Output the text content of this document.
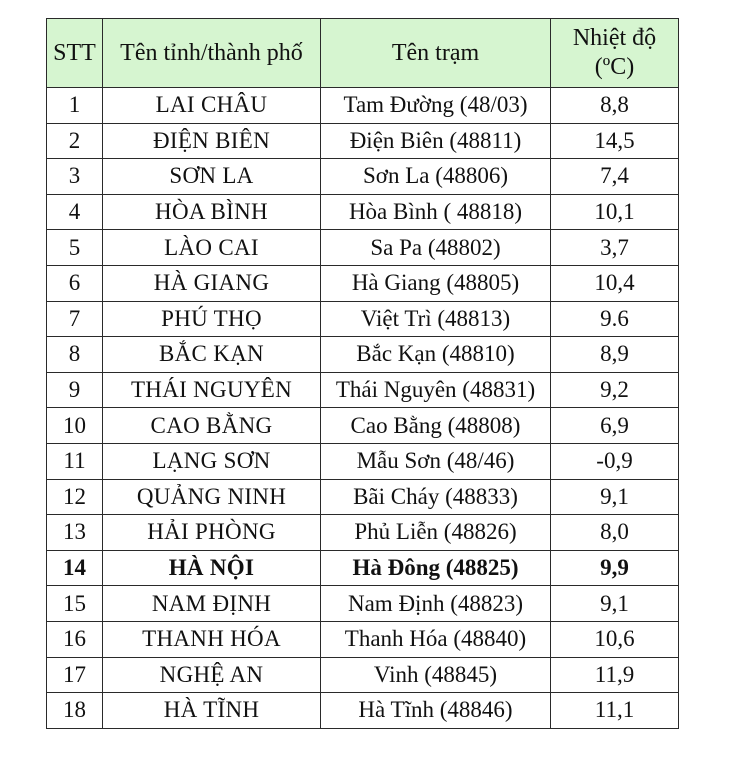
STT	Tên tỉnh/thành phố	Tên trạm	Nhiệt độ
(ºC)
1	LAI CHÂU	Tam Đường (48/03)	8,8
2	ĐIỆN BIÊN	Điện Biên (48811)	14,5
3	SƠN LA	Sơn La (48806)	7,4
4	HÒA BÌNH	Hòa Bình ( 48818)	10,1
5	LÀO CAI	Sa Pa (48802)	3,7
6	HÀ GIANG	Hà Giang (48805)	10,4
7	PHÚ THỌ	Việt Trì (48813)	9.6
8	BẮC KẠN	Bắc Kạn (48810)	8,9
9	THÁI NGUYÊN	Thái Nguyên (48831)	9,2
10	CAO BẰNG	Cao Bằng (48808)	6,9
11	LẠNG SƠN	Mẫu Sơn (48/46)	-0,9
12	QUẢNG NINH	Bãi Cháy (48833)	9,1
13	HẢI PHÒNG	Phủ Liễn (48826)	8,0
14	HÀ NỘI	Hà Đông (48825)	9,9
15	NAM ĐỊNH	Nam Định (48823)	9,1
16	THANH HÓA	Thanh Hóa (48840)	10,6
17	NGHỆ AN	Vinh (48845)	11,9
18	HÀ TĨNH	Hà Tĩnh (48846)	11,1
